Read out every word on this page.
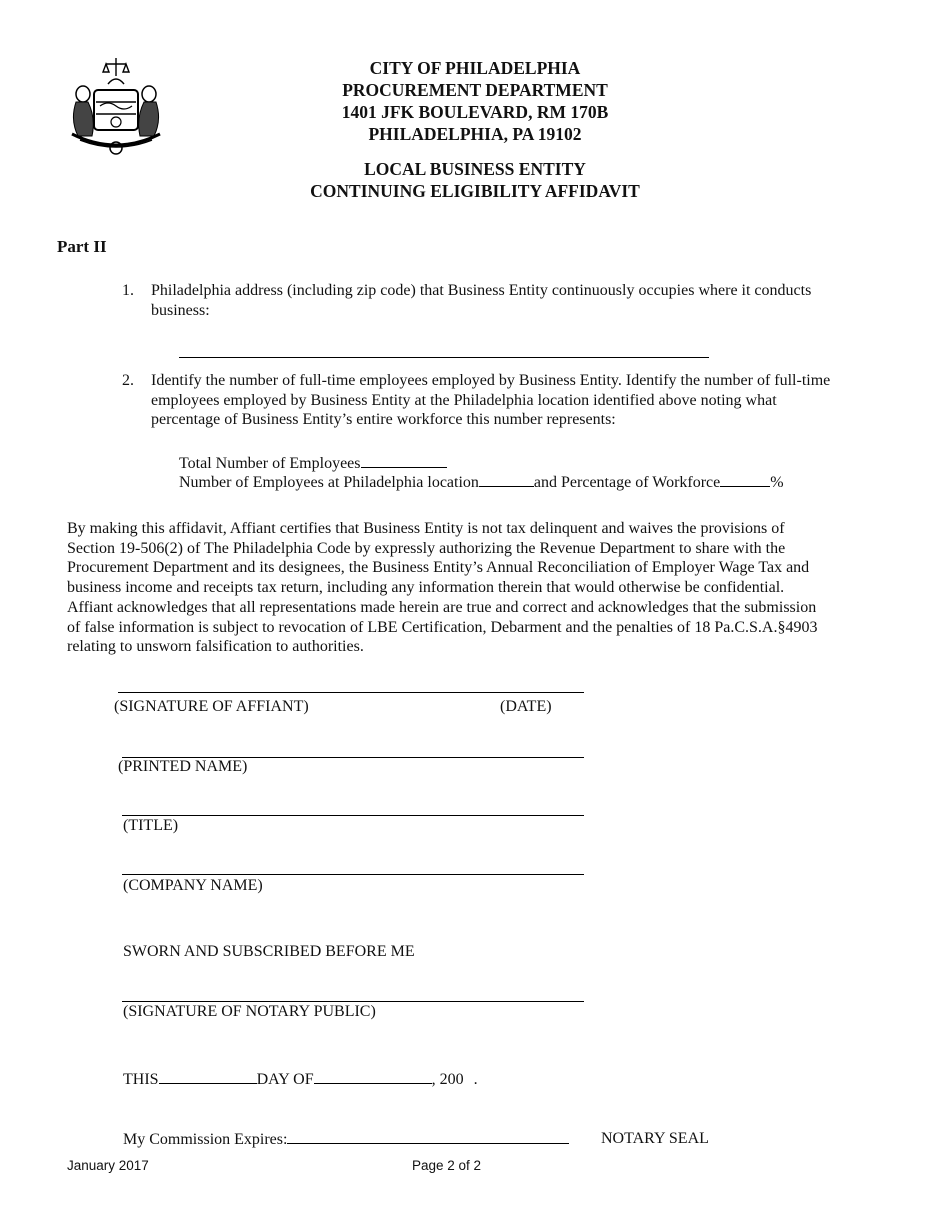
CITY OF PHILADELPHIA
PROCUREMENT DEPARTMENT
1401 JFK BOULEVARD, RM 170B
PHILADELPHIA, PA 19102
LOCAL BUSINESS ENTITY
CONTINUING ELIGIBILITY AFFIDAVIT
Part II
1. Philadelphia address (including zip code) that Business Entity continuously occupies where it conducts
business:
2. Identify the number of full-time employees employed by Business Entity. Identify the number of full-time
employees employed by Business Entity at the Philadelphia location identified above noting what
percentage of Business Entity’s entire workforce this number represents:
Total Number of Employees
Number of Employees at Philadelphia location	and Percentage of Workforce	%
By making this affidavit, Affiant certifies that Business Entity is not tax delinquent and waives the provisions of
Section 19-506(2) of The Philadelphia Code by expressly authorizing the Revenue Department to share with the
Procurement Department and its designees, the Business Entity’s Annual Reconciliation of Employer Wage Tax and
business income and receipts tax return, including any information therein that would otherwise be confidential.
Affiant acknowledges that all representations made herein are true and correct and acknowledges that the submission
of false information is subject to revocation of LBE Certification, Debarment and the penalties of 18 Pa.C.S.A.§4903
relating to unsworn falsification to authorities.
(SIGNATURE OF AFFIANT)	(DATE)
(PRINTED NAME)
(TITLE)
(COMPANY NAME)
SWORN AND SUBSCRIBED BEFORE ME
(SIGNATURE OF NOTARY PUBLIC)
THIS	DAY OF	, 200 .
My Commission Expires:	NOTARY SEAL
January 2017	Page 2 of 2
